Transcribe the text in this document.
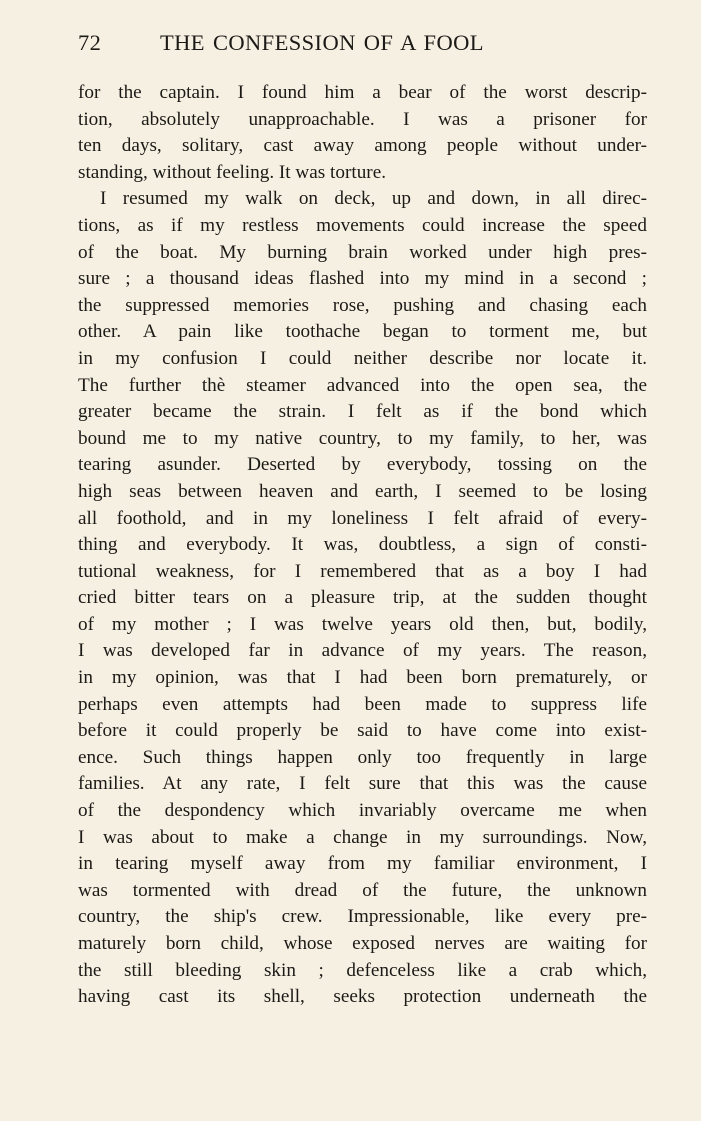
72	THE CONFESSION OF A FOOL
for the captain. I found him a bear of the worst descrip-
tion, absolutely unapproachable. I was a prisoner for
ten days, solitary, cast away among people without under-
standing, without feeling. It was torture.
I resumed my walk on deck, up and down, in all direc-
tions, as if my restless movements could increase the speed
of the boat. My burning brain worked under high pres-
sure ; a thousand ideas flashed into my mind in a second ;
the suppressed memories rose, pushing and chasing each
other. A pain like toothache began to torment me, but
in my confusion I could neither describe nor locate it.
The further thè steamer advanced into the open sea, the
greater became the strain. I felt as if the bond which
bound me to my native country, to my family, to her, was
tearing asunder. Deserted by everybody, tossing on the
high seas between heaven and earth, I seemed to be losing
all foothold, and in my loneliness I felt afraid of every-
thing and everybody. It was, doubtless, a sign of consti-
tutional weakness, for I remembered that as a boy I had
cried bitter tears on a pleasure trip, at the sudden thought
of my mother ; I was twelve years old then, but, bodily,
I was developed far in advance of my years. The reason,
in my opinion, was that I had been born prematurely, or
perhaps even attempts had been made to suppress life
before it could properly be said to have come into exist-
ence. Such things happen only too frequently in large
families. At any rate, I felt sure that this was the cause
of the despondency which invariably overcame me when
I was about to make a change in my surroundings. Now,
in tearing myself away from my familiar environment, I
was tormented with dread of the future, the unknown
country, the ship's crew. Impressionable, like every pre-
maturely born child, whose exposed nerves are waiting for
the still bleeding skin ; defenceless like a crab which,
having cast its shell, seeks protection underneath the
